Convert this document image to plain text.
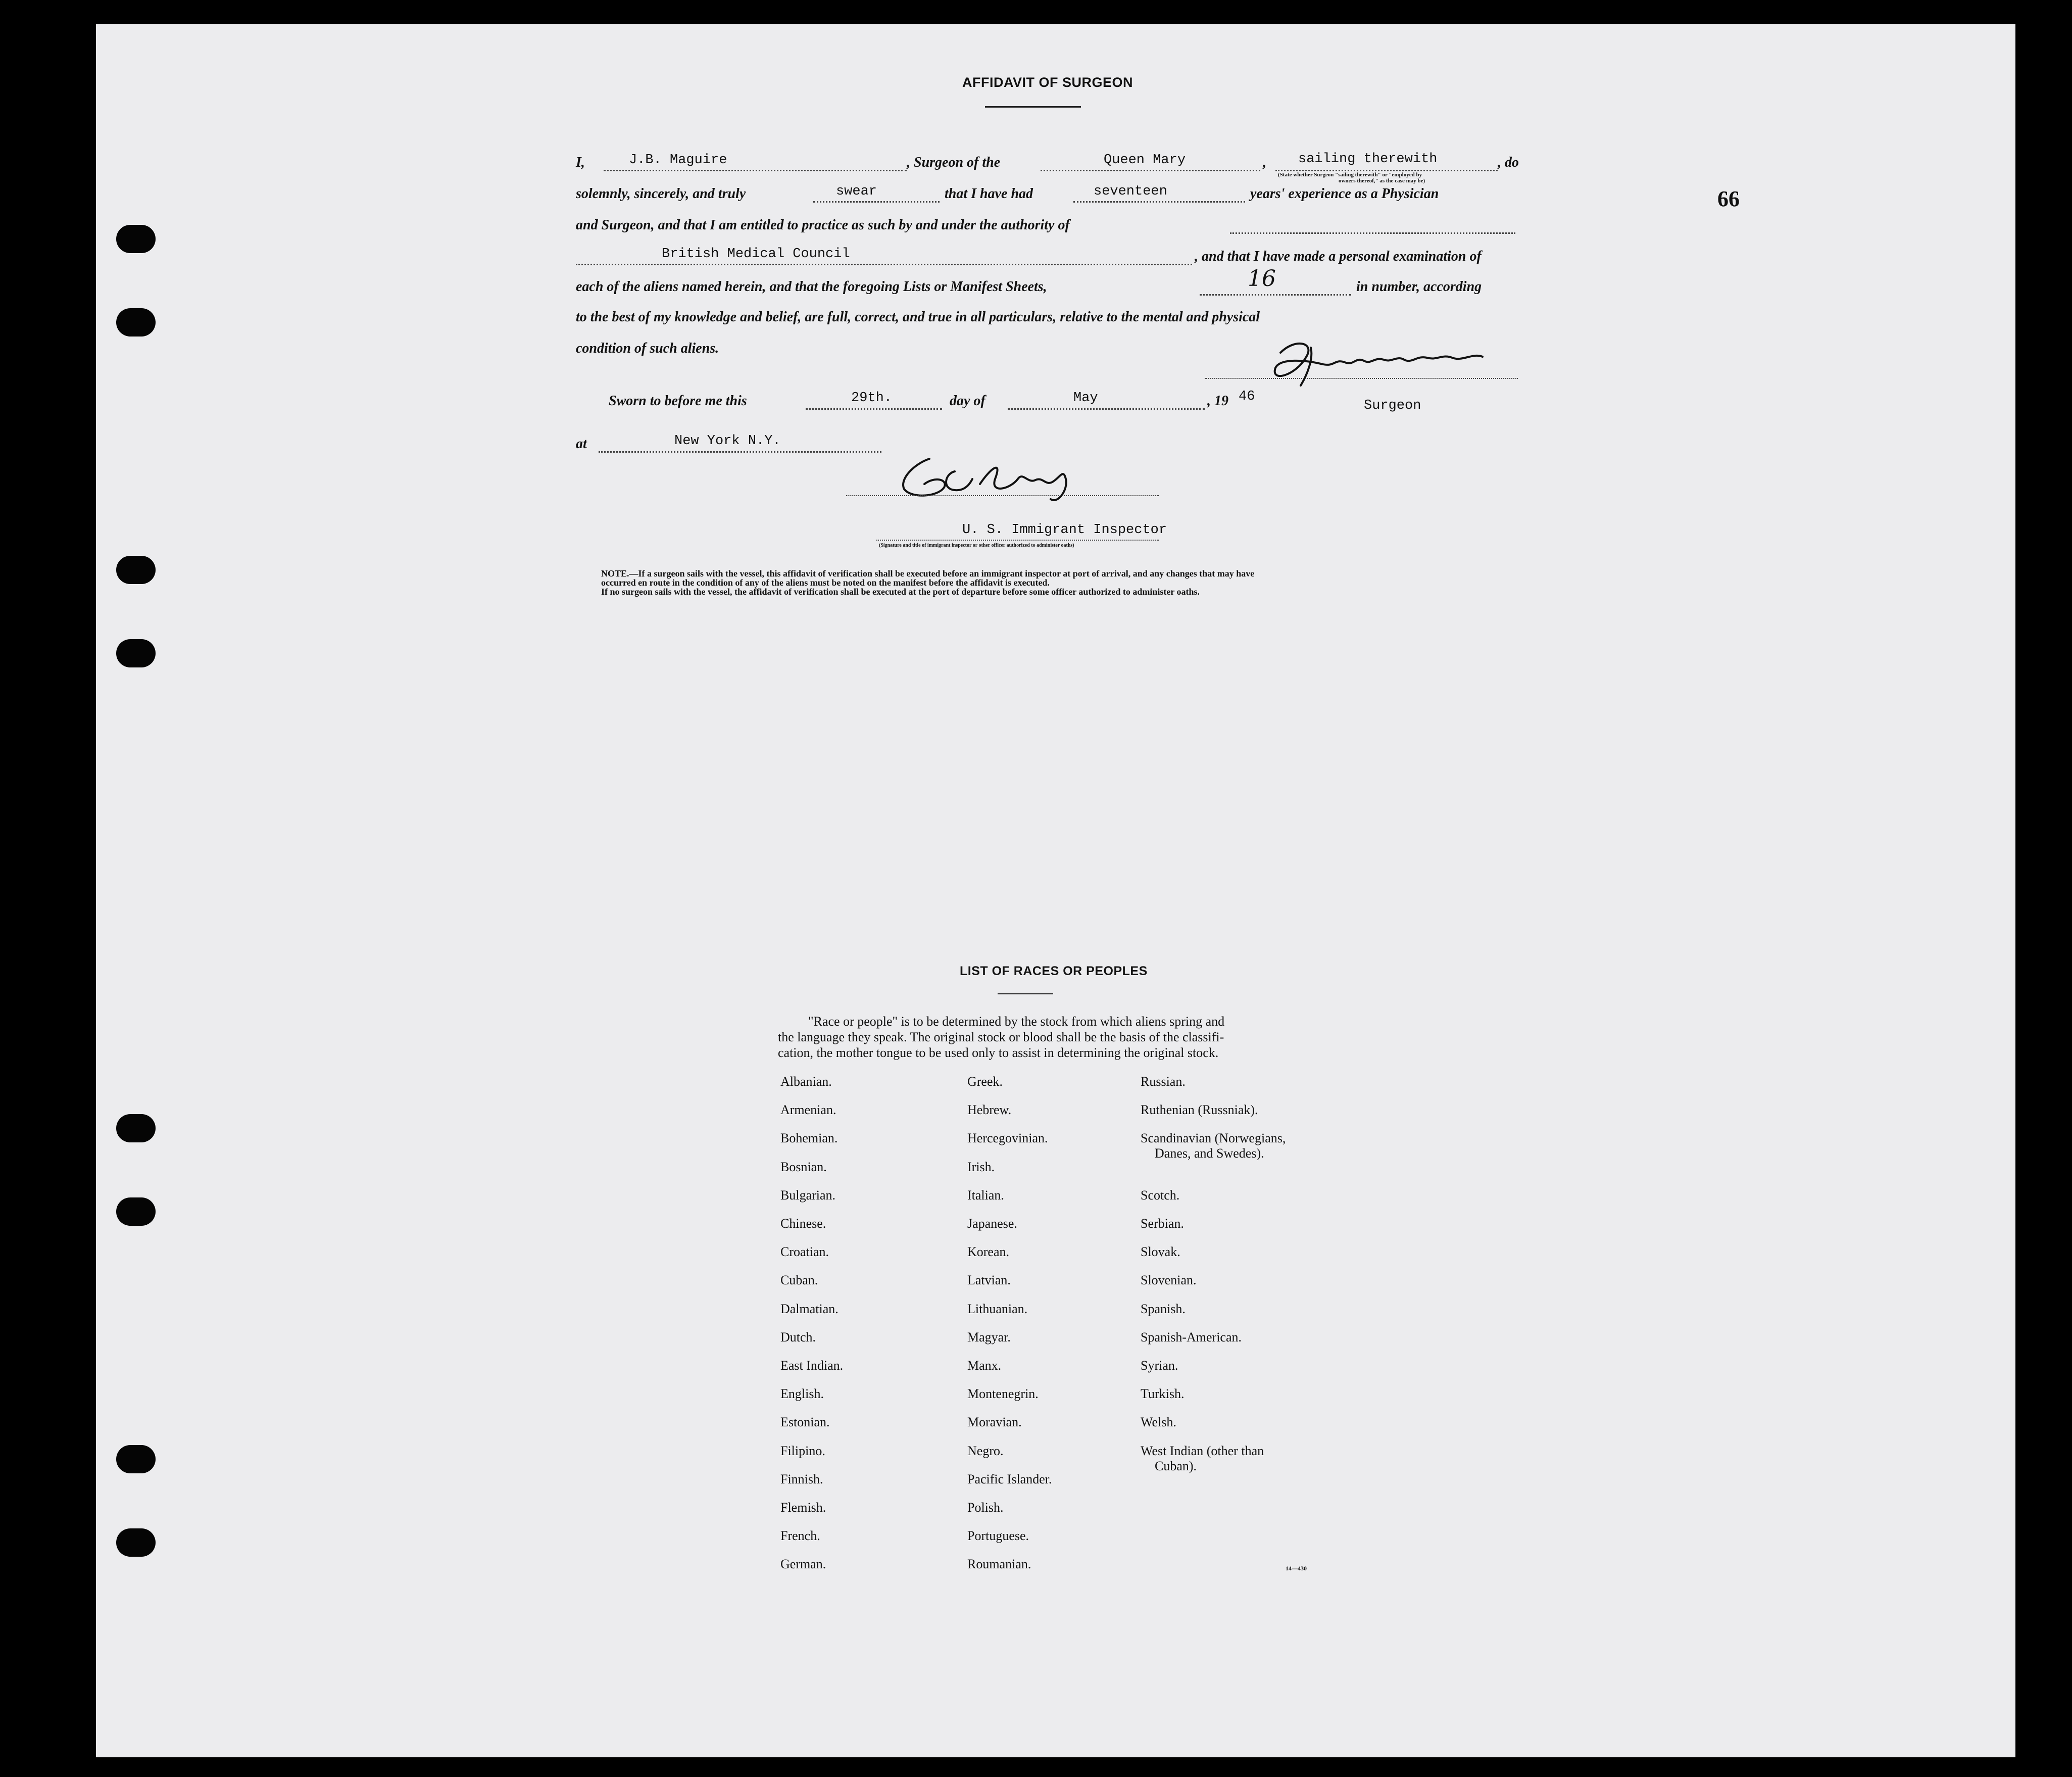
AFFIDAVIT OF SURGEON
66
I,	J.B. Maguire	, Surgeon of the	Queen Mary	, sailing therewith	, do
(State whether Surgeon "sailing therewith" or "employed by
owners thereof," as the case may be)
solemnly, sincerely, and truly	swear	that I have had	seventeen	years' experience as a Physician
and Surgeon, and that I am entitled to practice as such by and under the authority of
British Medical Council	, and that I have made a personal examination of
each of the aliens named herein, and that the foregoing Lists or Manifest Sheets,	16	in number, according
to the best of my knowledge and belief, are full, correct, and true in all particulars, relative to the mental and physical
condition of such aliens.
Surgeon
Sworn to before me this	29th.	day of	May	, 19 46
at	New York N.Y.
U. S. Immigrant Inspector
(Signature and title of immigrant inspector or other officer authorized to administer oaths)
NOTE.—If a surgeon sails with the vessel, this affidavit of verification shall be executed before an immigrant inspector at port of arrival, and any changes that may have
occurred en route in the condition of any of the aliens must be noted on the manifest before the affidavit is executed.
If no surgeon sails with the vessel, the affidavit of verification shall be executed at the port of departure before some officer authorized to administer oaths.
LIST OF RACES OR PEOPLES
"Race or people" is to be determined by the stock from which aliens spring and
the language they speak. The original stock or blood shall be the basis of the classifi-
cation, the mother tongue to be used only to assist in determining the original stock.
Albanian.
Armenian.
Bohemian.
Bosnian.
Bulgarian.
Chinese.
Croatian.
Cuban.
Dalmatian.
Dutch.
East Indian.
English.
Estonian.
Filipino.
Finnish.
Flemish.
French.
German.
Greek.
Hebrew.
Hercegovinian.
Irish.
Italian.
Japanese.
Korean.
Latvian.
Lithuanian.
Magyar.
Manx.
Montenegrin.
Moravian.
Negro.
Pacific Islander.
Polish.
Portuguese.
Roumanian.
Russian.
Ruthenian (Russniak).
Scandinavian (Norwegians,
Danes, and Swedes).
Scotch.
Serbian.
Slovak.
Slovenian.
Spanish.
Spanish-American.
Syrian.
Turkish.
Welsh.
West Indian (other than
Cuban).
14—430
